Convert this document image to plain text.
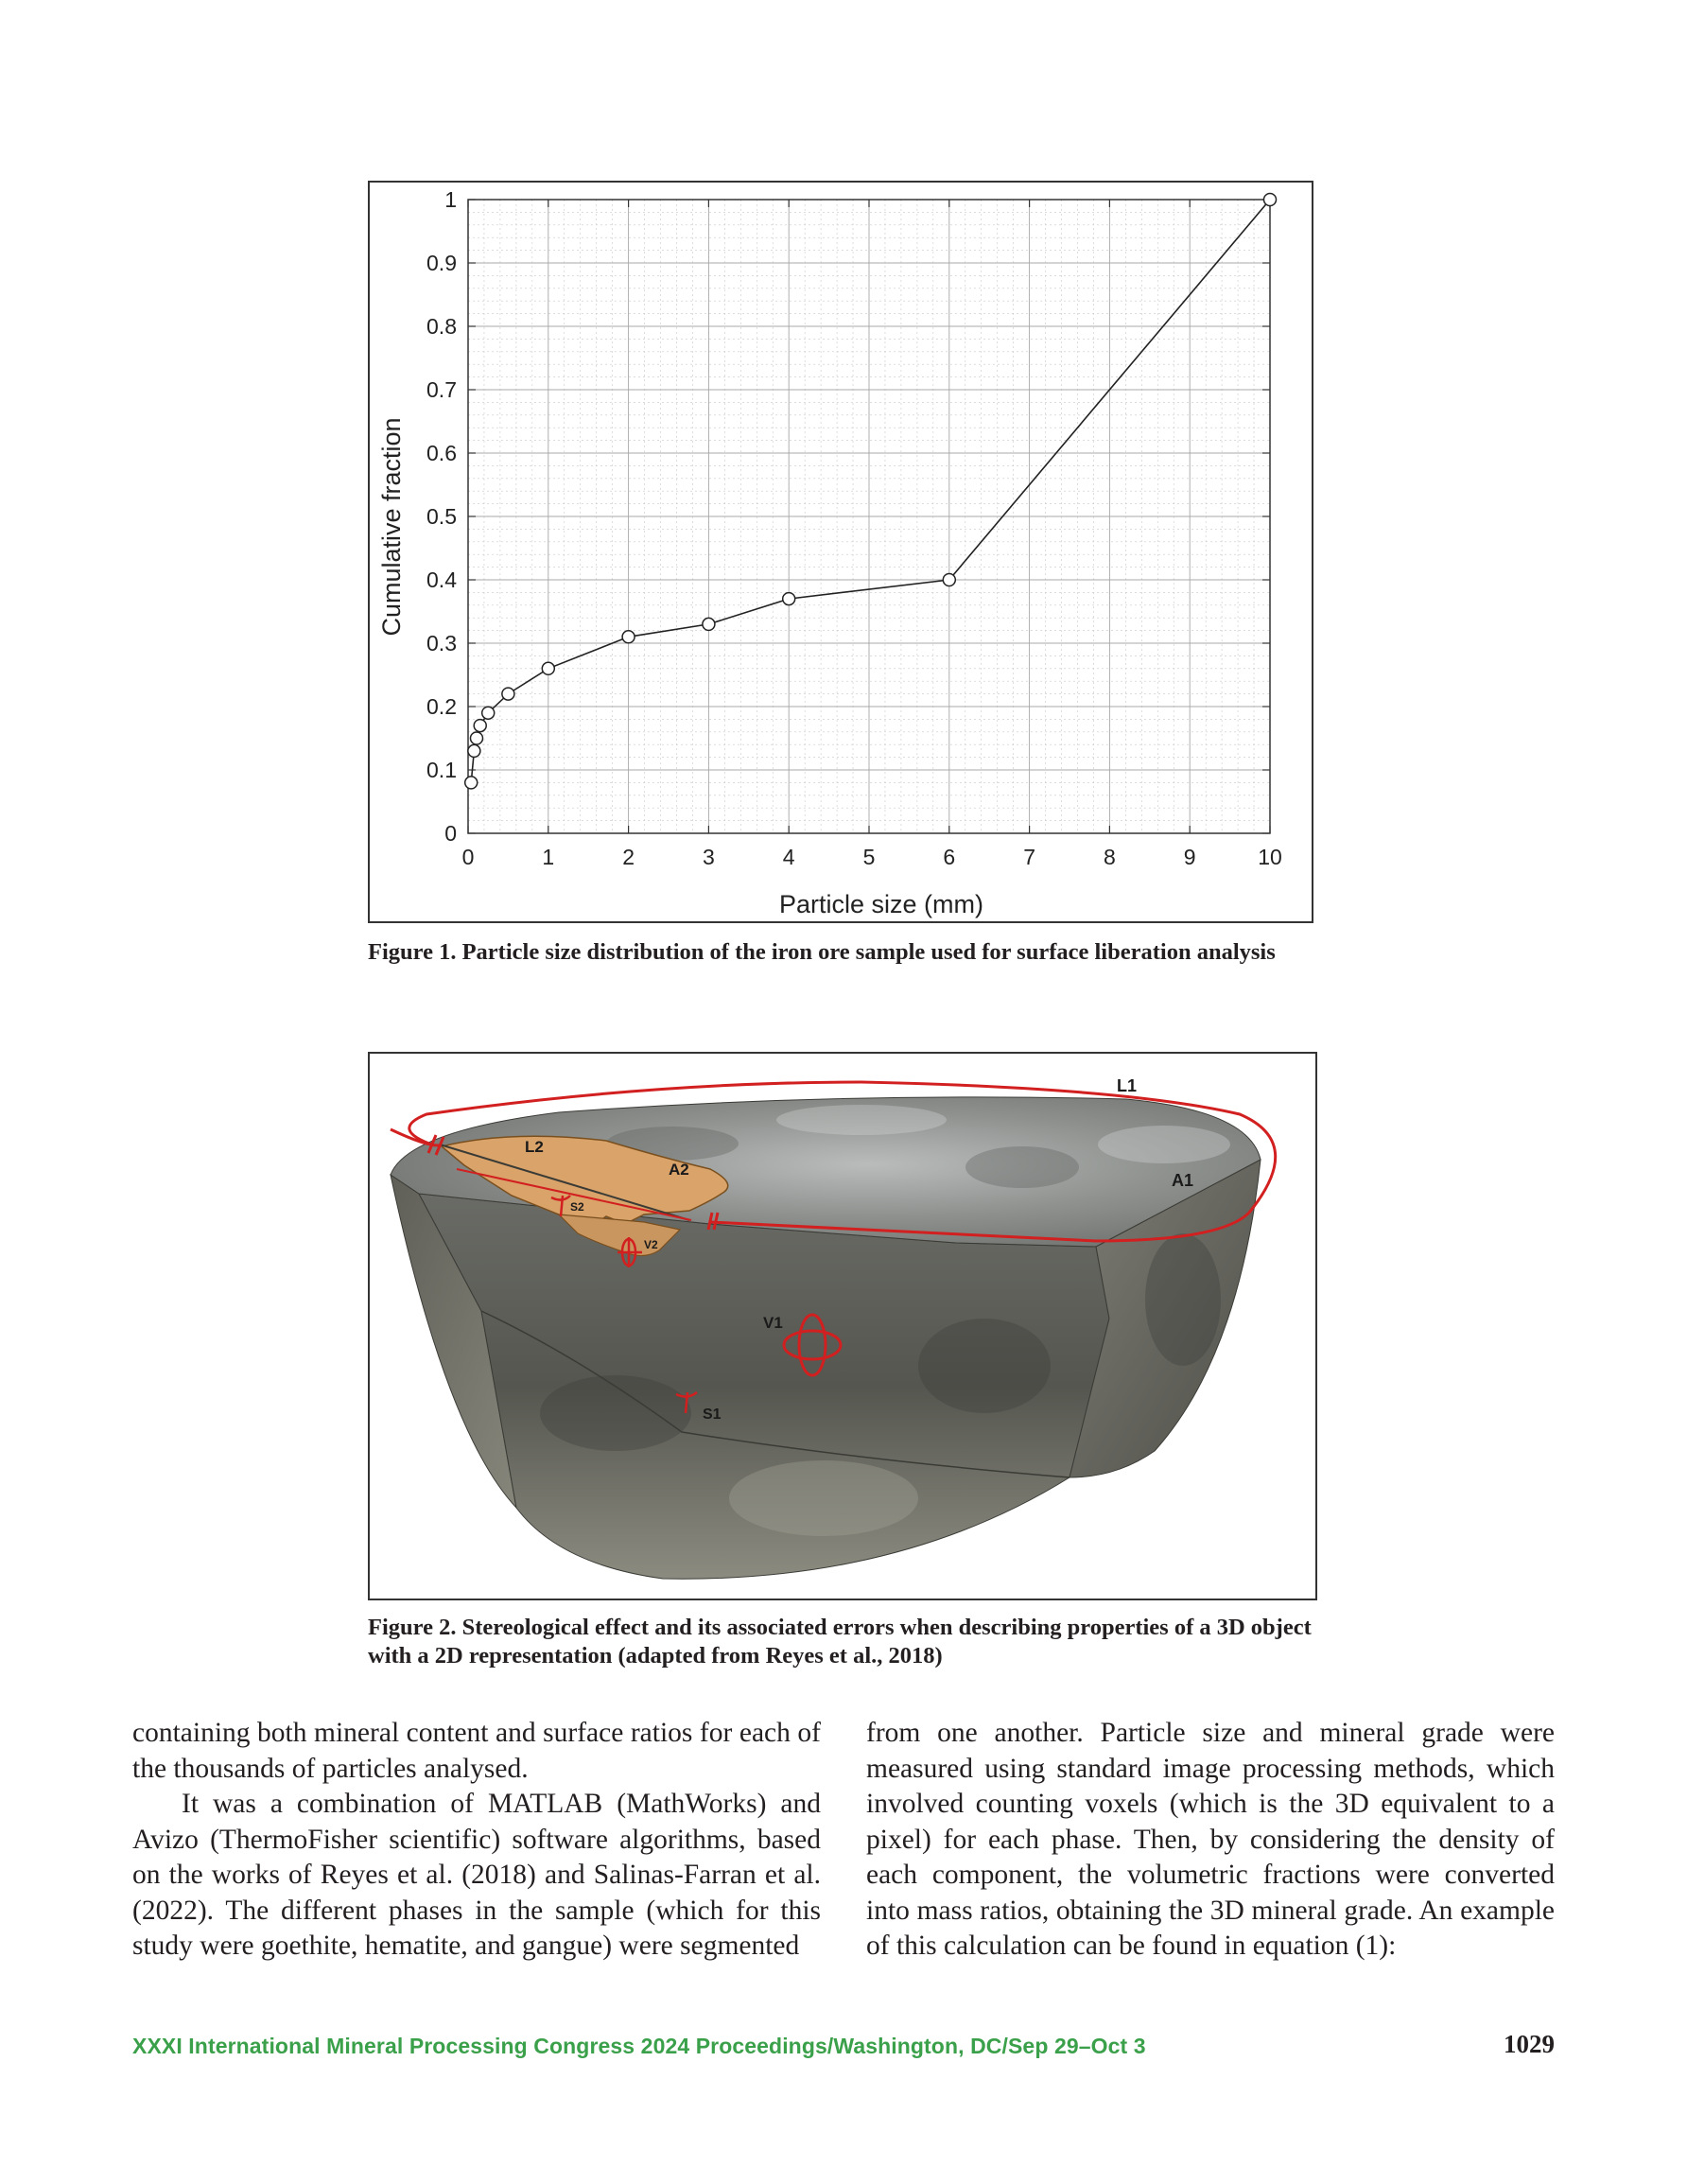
0	1	2	3	4	5	6	7	8	9	10
0
0.1
0.2
0.3
0.4
0.5
0.6
0.7
0.8
0.9
1
Particle size (mm)
Cumulative fraction
Figure 1. Particle size distribution of the iron ore sample used for surface liberation analysis
L1
A1
L2
A2
S2
V2
V1
S1
Figure 2. Stereological effect and its associated errors when describing properties of a 3D object with a 2D representation (adapted from Reyes et al., 2018)

containing both mineral content and surface ratios for each of the thousands of particles analysed.

It was a combination of MATLAB (MathWorks) and Avizo (ThermoFisher scientific) software algorithms, based on the works of Reyes et al. (2018) and Salinas-Farran et al. (2022). The different phases in the sample (which for this study were goethite, hematite, and gangue) were segmented

from one another. Particle size and mineral grade were measured using standard image processing methods, which involved counting voxels (which is the 3D equivalent to a pixel) for each phase. Then, by considering the density of each component, the volumetric fractions were converted into mass ratios, obtaining the 3D mineral grade. An example of this calculation can be found in equation (1):

XXXI International Mineral Processing Congress 2024 Proceedings/Washington, DC/Sep 29–Oct 3	1029
